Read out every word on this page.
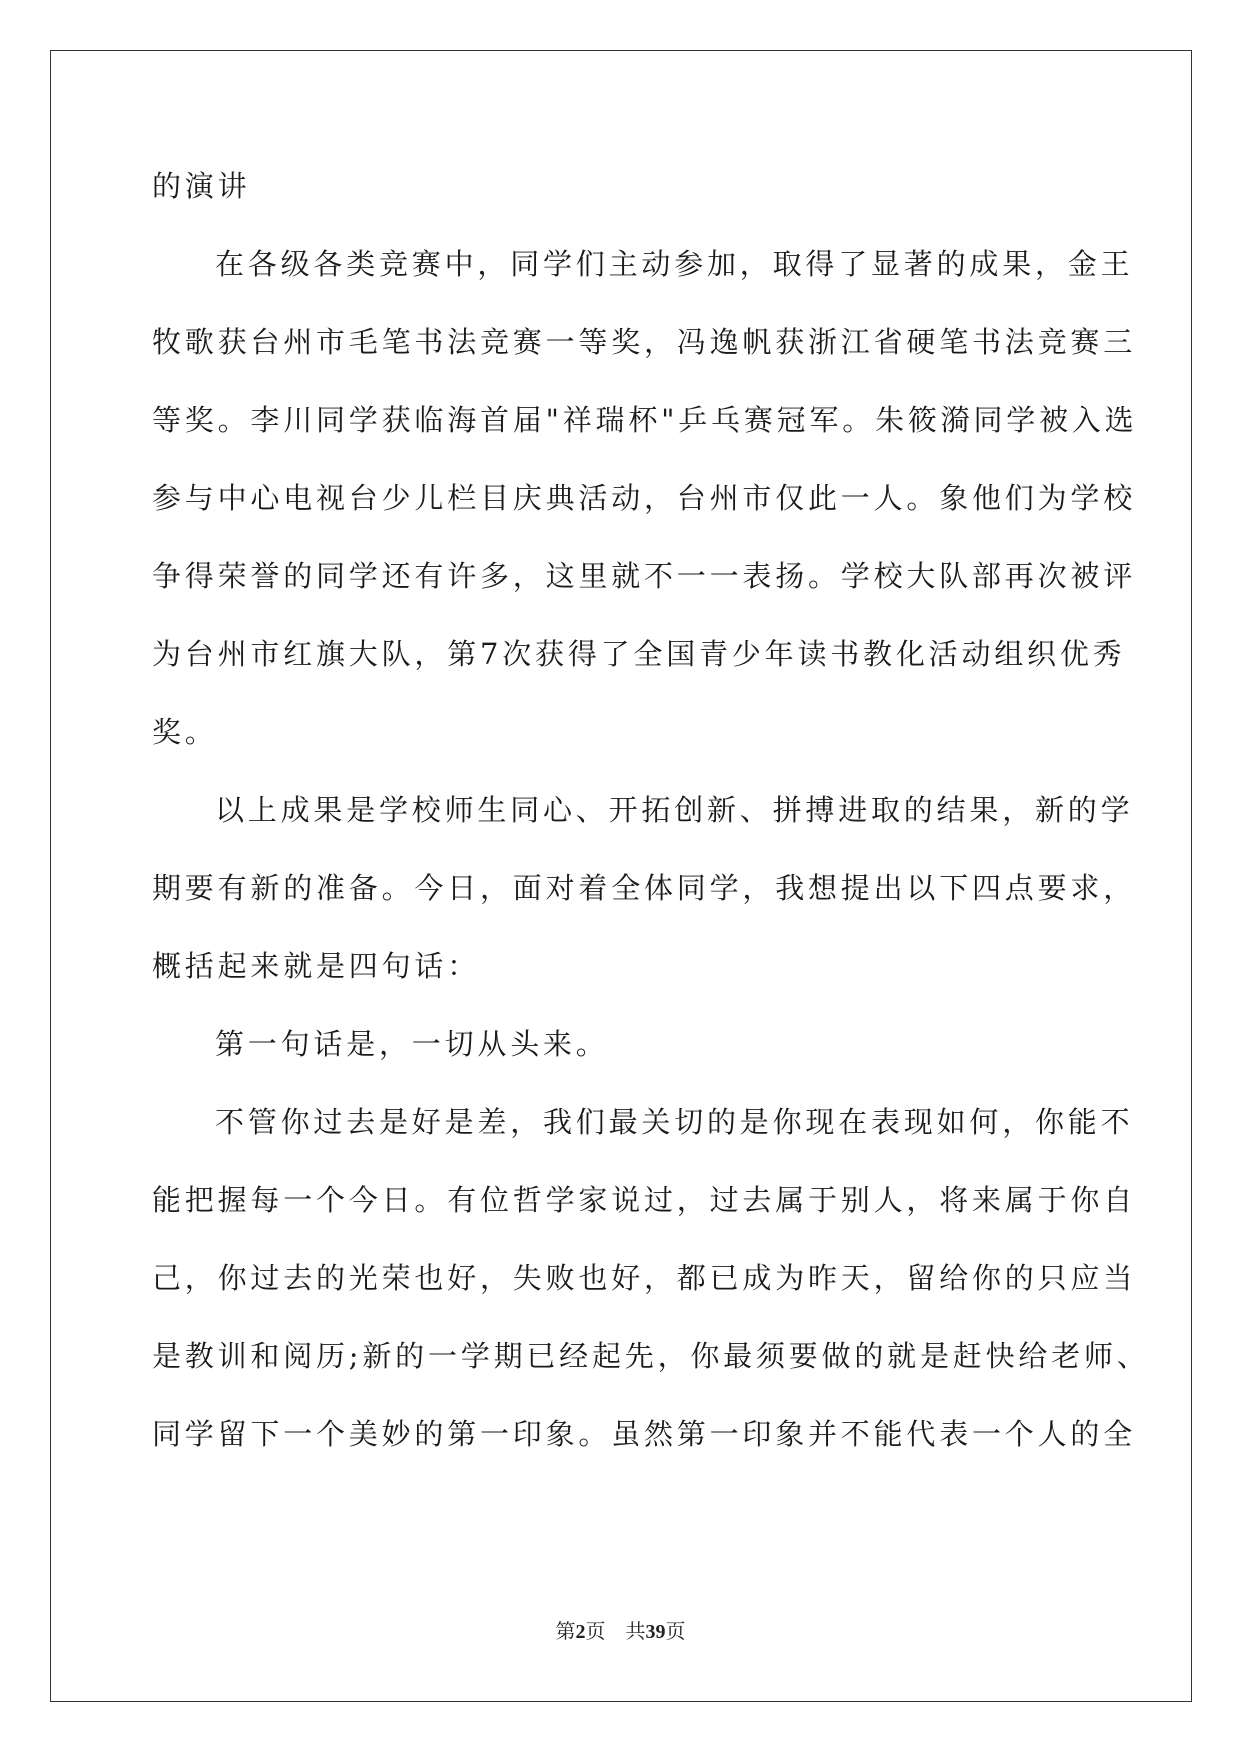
的演讲
在各级各类竞赛中，同学们主动参加，取得了显著的成果，金王
牧歌获台州市毛笔书法竞赛一等奖，冯逸帆获浙江省硬笔书法竞赛三
等奖。李川同学获临海首届"祥瑞杯"乒乓赛冠军。朱筱漪同学被入选
参与中心电视台少儿栏目庆典活动，台州市仅此一人。象他们为学校
争得荣誉的同学还有许多，这里就不一一表扬。学校大队部再次被评
为台州市红旗大队，第7次获得了全国青少年读书教化活动组织优秀
奖。
以上成果是学校师生同心、开拓创新、拼搏进取的结果，新的学
期要有新的准备。今日，面对着全体同学，我想提出以下四点要求，
概括起来就是四句话：
第一句话是，一切从头来。
不管你过去是好是差，我们最关切的是你现在表现如何，你能不
能把握每一个今日。有位哲学家说过，过去属于别人，将来属于你自
己，你过去的光荣也好，失败也好，都已成为昨天，留给你的只应当
是教训和阅历;新的一学期已经起先，你最须要做的就是赶快给老师、
同学留下一个美妙的第一印象。虽然第一印象并不能代表一个人的全
第2页 共39页
